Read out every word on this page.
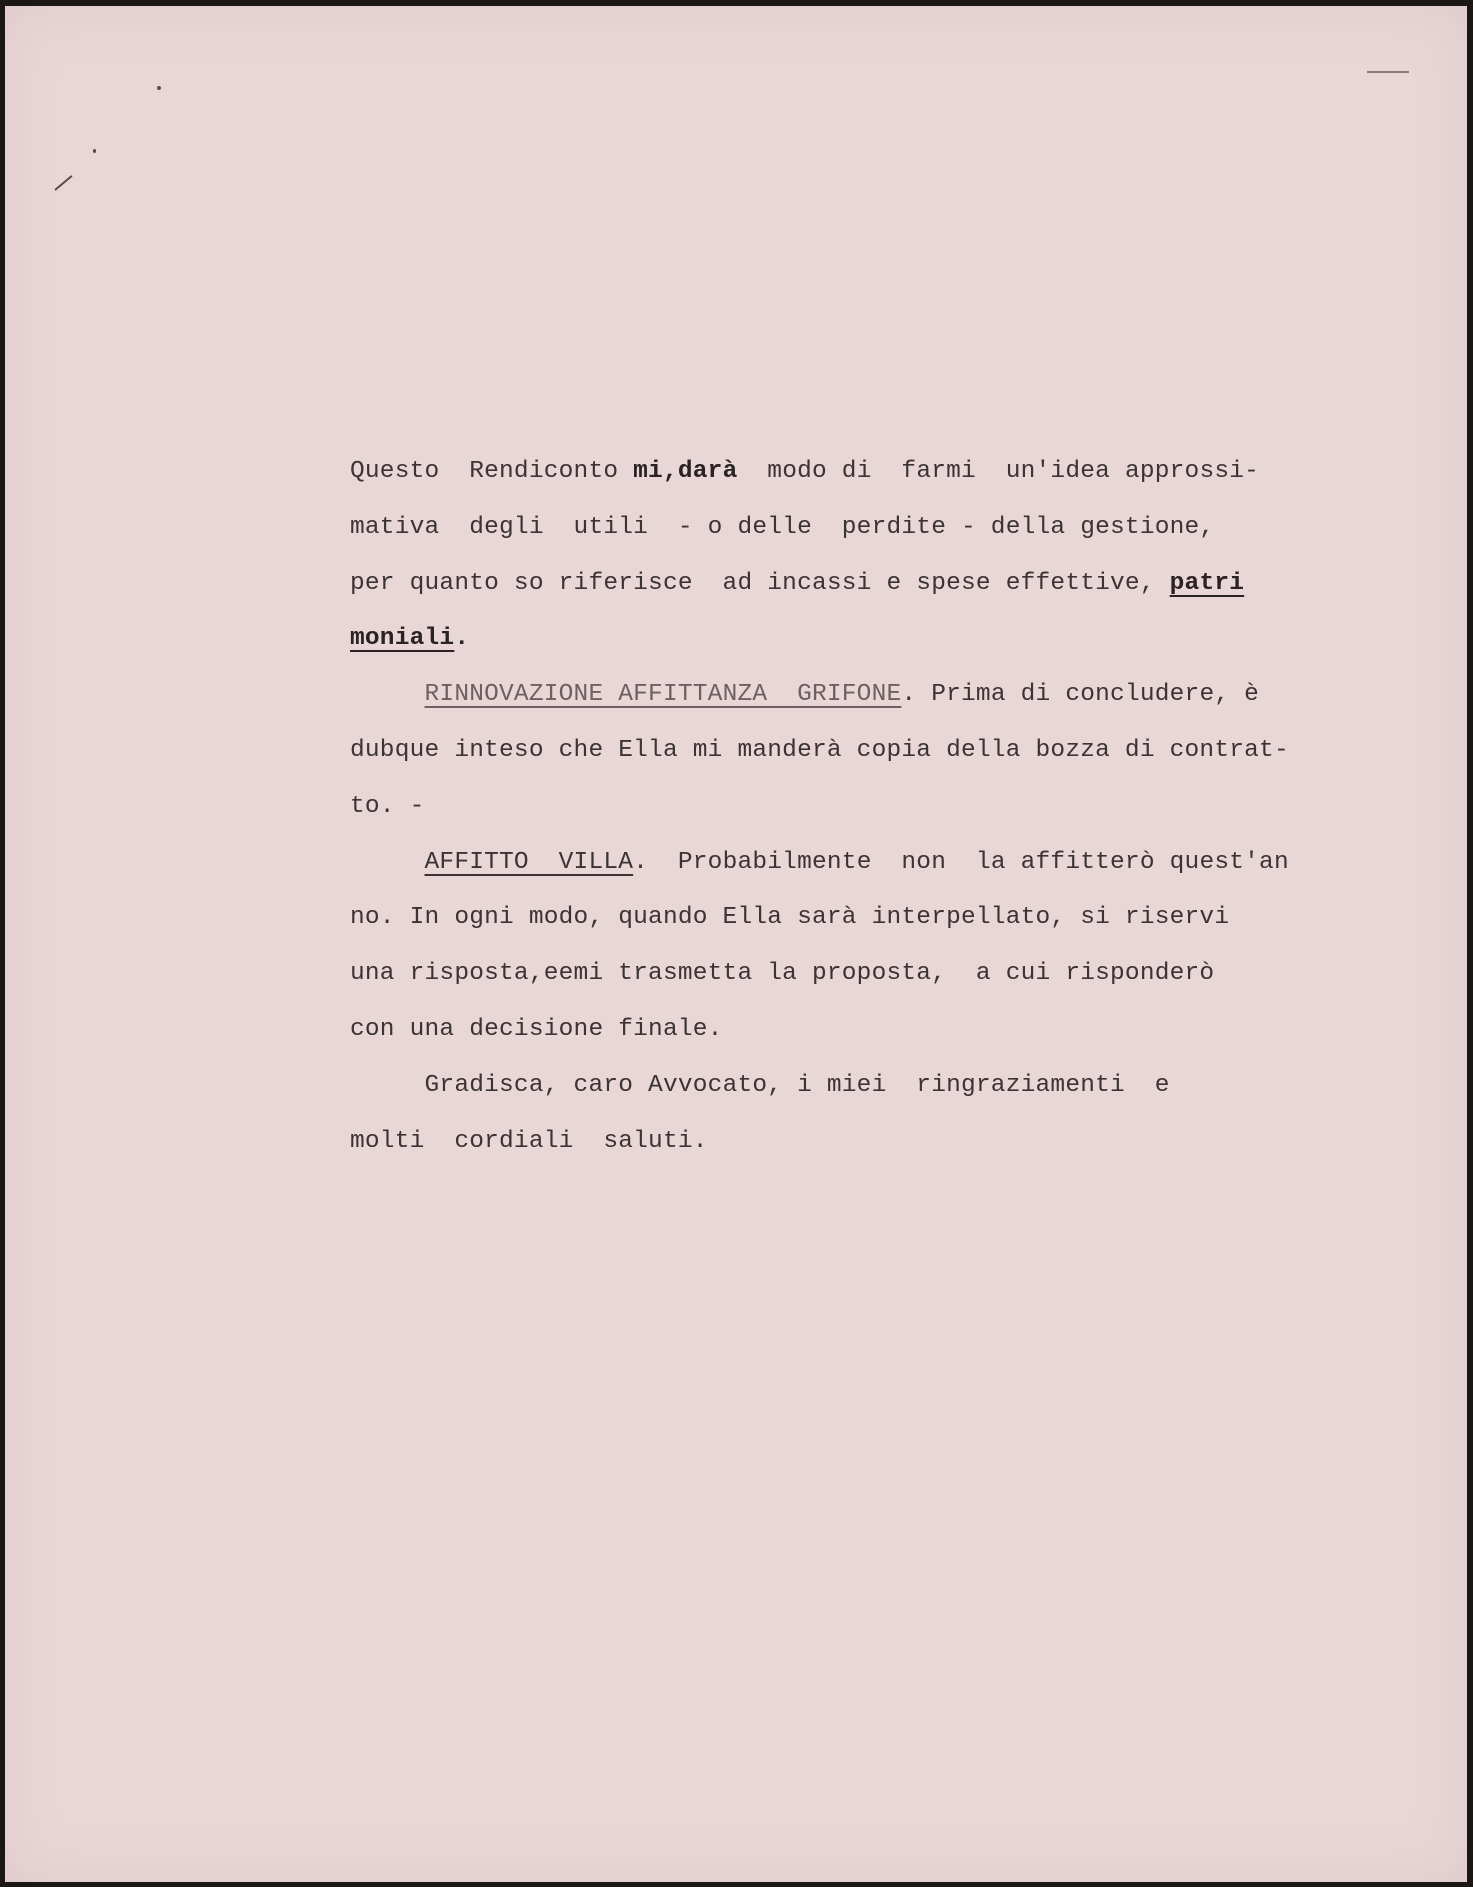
Questo  Rendiconto mi,darà  modo di  farmi  un'idea approssi-
mativa  degli  utili  - o delle  perdite - della gestione,
per quanto so riferisce  ad incassi e spese effettive, patri
moniali.
RINNOVAZIONE AFFITTANZA  GRIFONE. Prima di concludere, è
dubque inteso che Ella mi manderà copia della bozza di contrat-
to. -
AFFITTO  VILLA.  Probabilmente  non  la affitterò quest'an
no. In ogni modo, quando Ella sarà interpellato, si riservi
una risposta,eemi trasmetta la proposta,  a cui risponderò
con una decisione finale.
Gradisca, caro Avvocato, i miei  ringraziamenti  e
molti  cordiali  saluti.
